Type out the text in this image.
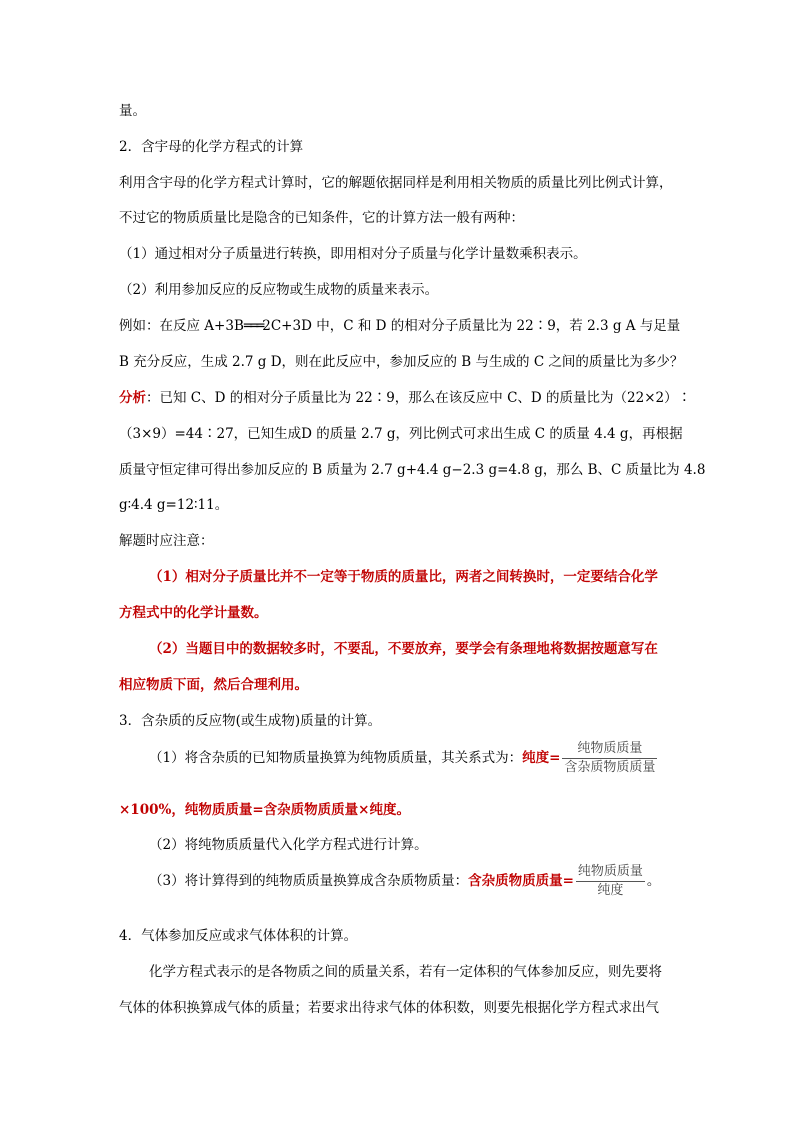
量。
2．含宇母的化学方程式的计算
利用含宇母的化学方程式计算时，它的解题依据同样是利用相关物质的质量比列比例式计算，
不过它的物质质量比是隐含的已知条件，它的计算方法一般有两种：
（1）通过相对分子质量进行转换，即用相对分子质量与化学计量数乘积表示。
（2）利用参加反应的反应物或生成物的质量来表示。
例如：在反应 A+3B═══2C+3D 中，C 和 D 的相对分子质量比为 22∶9，若 2.3 g A 与足量
B 充分反应，生成 2.7 g D，则在此反应中，参加反应的 B 与生成的 C 之间的质量比为多少？
分析：已知 C、D 的相对分子质量比为 22∶9，那么在该反应中 C、D 的质量比为（22×2）∶
（3×9）=44∶27，已知生成D 的质量 2.7 g，列比例式可求出生成 C 的质量 4.4 g，再根据
质量守恒定律可得出参加反应的 B 质量为 2.7 g+4.4 g−2.3 g=4.8 g，那么 B、C 质量比为 4.8
g∶4.4 g=12∶11。
解题时应注意：
（1）相对分子质量比并不一定等于物质的质量比，两者之间转换时，一定要结合化学
方程式中的化学计量数。
（2）当题目中的数据较多时，不要乱，不要放弃，要学会有条理地将数据按题意写在
相应物质下面，然后合理利用。
3．含杂质的反应物(或生成物)质量的计算。
（1）将含杂质的已知物质量换算为纯物质质量，其关系式为：纯度= $\frac{\text{纯物质质量}}{\text{含杂质物质质量}}$
×100%，纯物质质量=含杂质物质质量×纯度。
（2）将纯物质质量代入化学方程式进行计算。
（3）将计算得到的纯物质质量换算成含杂质物质量：含杂质物质质量= $\frac{\text{纯物质质量}}{\text{纯度}}$ 。
4．气体参加反应或求气体体积的计算。
化学方程式表示的是各物质之间的质量关系，若有一定体积的气体参加反应，则先要将
气体的体积换算成气体的质量；若要求出待求气体的体积数，则要先根据化学方程式求出气
